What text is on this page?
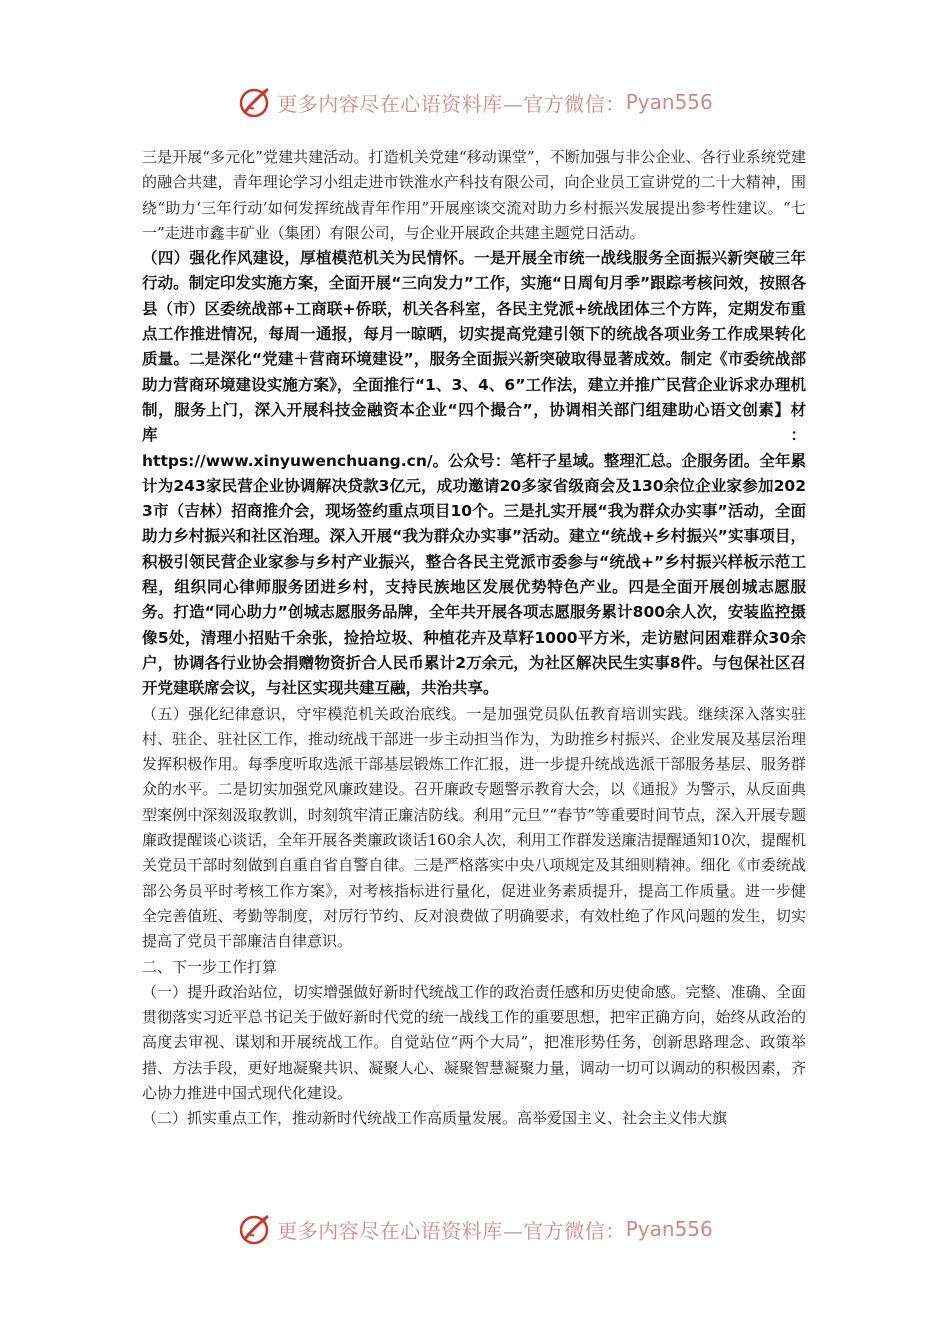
更多内容尽在心语资料库—官方微信： Pyan556

三是开展“多元化”党建共建活动。打造机关党建“移动课堂”，不断加强与非公企业、各行业系统党建的融合共建，青年理论学习小组走进市铁淮水产科技有限公司，向企业员工宣讲党的二十大精神，围绕“助力‘三年行动’如何发挥统战青年作用”开展座谈交流对助力乡村振兴发展提出参考性建议。“七一”走进市鑫丰矿业（集团）有限公司，与企业开展政企共建主题党日活动。

（四）强化作风建设，厚植模范机关为民情怀。一是开展全市统一战线服务全面振兴新突破三年行动。制定印发实施方案，全面开展“三向发力”工作，实施“日周旬月季”跟踪考核问效，按照各县（市）区委统战部+工商联+侨联，机关各科室，各民主党派+统战团体三个方阵，定期发布重点工作推进情况，每周一通报，每月一晾晒，切实提高党建引领下的统战各项业务工作成果转化质量。二是深化“党建＋营商环境建设”，服务全面振兴新突破取得显著成效。制定《市委统战部助力营商环境建设实施方案》，全面推行“1、3、4、6”工作法，建立并推广民营企业诉求办理机制，服务上门，深入开展科技金融资本企业“四个撮合”，协调相关部门组建助心语文创素】材库：

https://www.xinyuwenchuang.cn/。公众号：笔杆子星域。整理汇总。企服务团。全年累计为243家民营企业协调解决贷款3亿元，成功邀请20多家省级商会及130余位企业家参加2023市（吉林）招商推介会，现场签约重点项目10个。三是扎实开展“我为群众办实事”活动，全面助力乡村振兴和社区治理。深入开展“我为群众办实事”活动。建立“统战+乡村振兴”实事项目，积极引领民营企业家参与乡村产业振兴，整合各民主党派市委参与“统战+”乡村振兴样板示范工程，组织同心律师服务团进乡村，支持民族地区发展优势特色产业。四是全面开展创城志愿服务。打造“同心助力”创城志愿服务品牌，全年共开展各项志愿服务累计800余人次，安装监控摄像5处，清理小招贴千余张，捡拾垃圾、种植花卉及草籽1000平方米，走访慰问困难群众30余户，协调各行业协会捐赠物资折合人民币累计2万余元，为社区解决民生实事8件。与包保社区召开党建联席会议，与社区实现共建互融，共治共享。

（五）强化纪律意识，守牢模范机关政治底线。一是加强党员队伍教育培训实践。继续深入落实驻村、驻企、驻社区工作，推动统战干部进一步主动担当作为，为助推乡村振兴、企业发展及基层治理发挥积极作用。每季度听取选派干部基层锻炼工作汇报，进一步提升统战选派干部服务基层、服务群众的水平。二是切实加强党风廉政建设。召开廉政专题警示教育大会，以《通报》为警示，从反面典型案例中深刻汲取教训，时刻筑牢清正廉洁防线。利用“元旦”“春节”等重要时间节点，深入开展专题廉政提醒谈心谈话，全年开展各类廉政谈话160余人次，利用工作群发送廉洁提醒通知10次，提醒机关党员干部时刻做到自重自省自警自律。三是严格落实中央八项规定及其细则精神。细化《市委统战部公务员平时考核工作方案》，对考核指标进行量化，促进业务素质提升，提高工作质量。进一步健全完善值班、考勤等制度，对厉行节约、反对浪费做了明确要求，有效杜绝了作风问题的发生，切实提高了党员干部廉洁自律意识。

二、下一步工作打算

（一）提升政治站位，切实增强做好新时代统战工作的政治责任感和历史使命感。完整、准确、全面贯彻落实习近平总书记关于做好新时代党的统一战线工作的重要思想，把牢正确方向，始终从政治的高度去审视、谋划和开展统战工作。自觉站位“两个大局”，把准形势任务，创新思路理念、政策举措、方法手段，更好地凝聚共识、凝聚人心、凝聚智慧凝聚力量，调动一切可以调动的积极因素，齐心协力推进中国式现代化建设。

（二）抓实重点工作，推动新时代统战工作高质量发展。高举爱国主义、社会主义伟大旗

更多内容尽在心语资料库—官方微信： Pyan556
